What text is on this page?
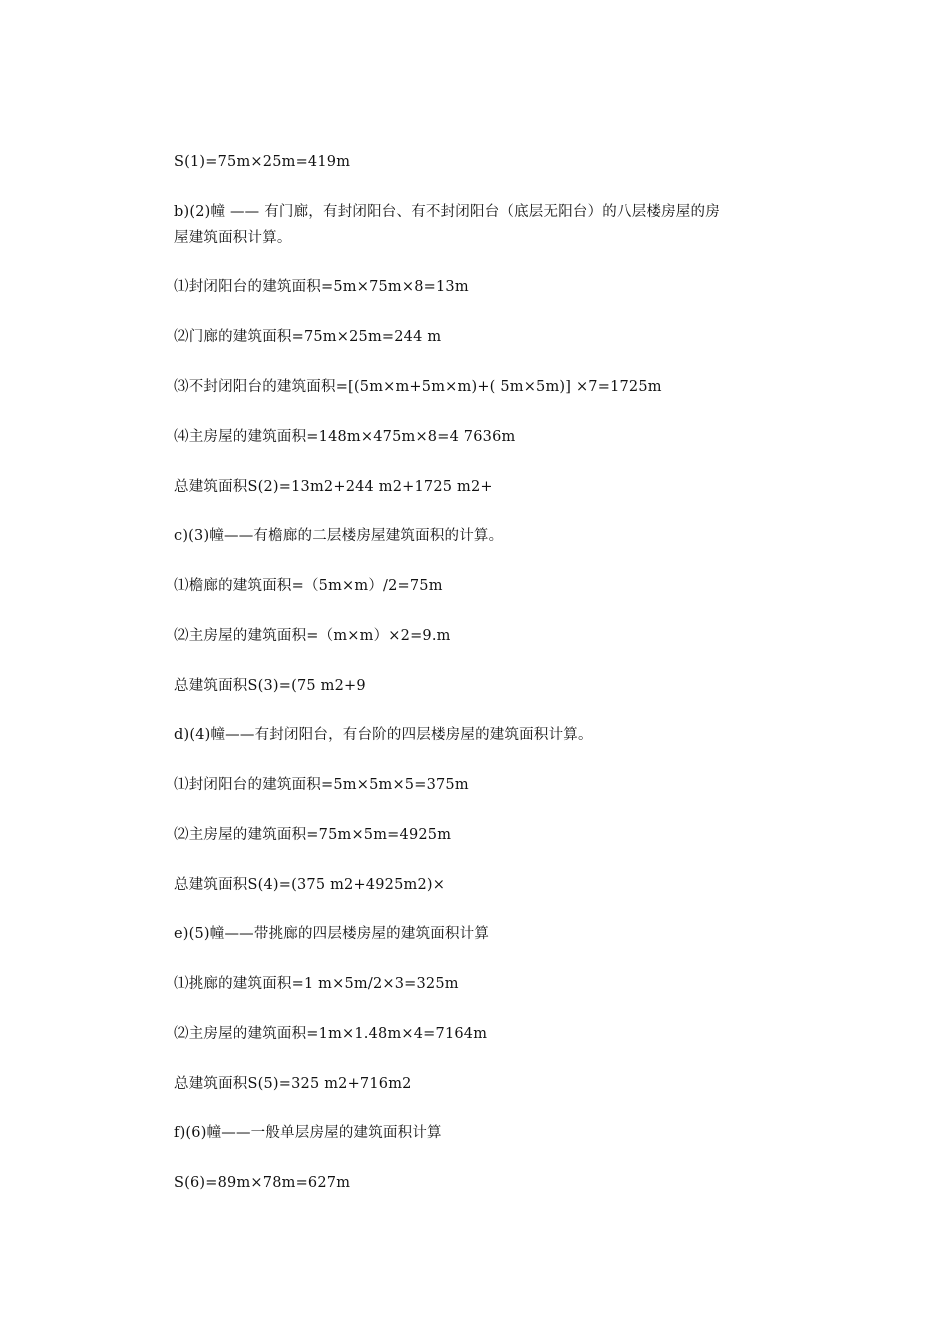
S(1)=75m×25m=419m

b)(2)幢 —— 有门廊，有封闭阳台、有不封闭阳台（底层无阳台）的八层楼房屋的房

屋建筑面积计算。

⑴封闭阳台的建筑面积=5m×75m×8=13m

⑵门廊的建筑面积=75m×25m=244 m

⑶不封闭阳台的建筑面积=[(5m×m+5m×m)+( 5m×5m)] ×7=1725m

⑷主房屋的建筑面积=148m×475m×8=4 7636m

总建筑面积S(2)=13m2+244 m2+1725 m2+

c)(3)幢——有檐廊的二层楼房屋建筑面积的计算。

⑴檐廊的建筑面积=（5m×m）/2=75m

⑵主房屋的建筑面积=（m×m）×2=9.m

总建筑面积S(3)=(75 m2+9

d)(4)幢——有封闭阳台，有台阶的四层楼房屋的建筑面积计算。

⑴封闭阳台的建筑面积=5m×5m×5=375m

⑵主房屋的建筑面积=75m×5m=4925m

总建筑面积S(4)=(375 m2+4925m2)×

e)(5)幢——带挑廊的四层楼房屋的建筑面积计算

⑴挑廊的建筑面积=1 m×5m/2×3=325m

⑵主房屋的建筑面积=1m×1.48m×4=7164m

总建筑面积S(5)=325 m2+716m2

f)(6)幢——一般单层房屋的建筑面积计算

S(6)=89m×78m=627m
